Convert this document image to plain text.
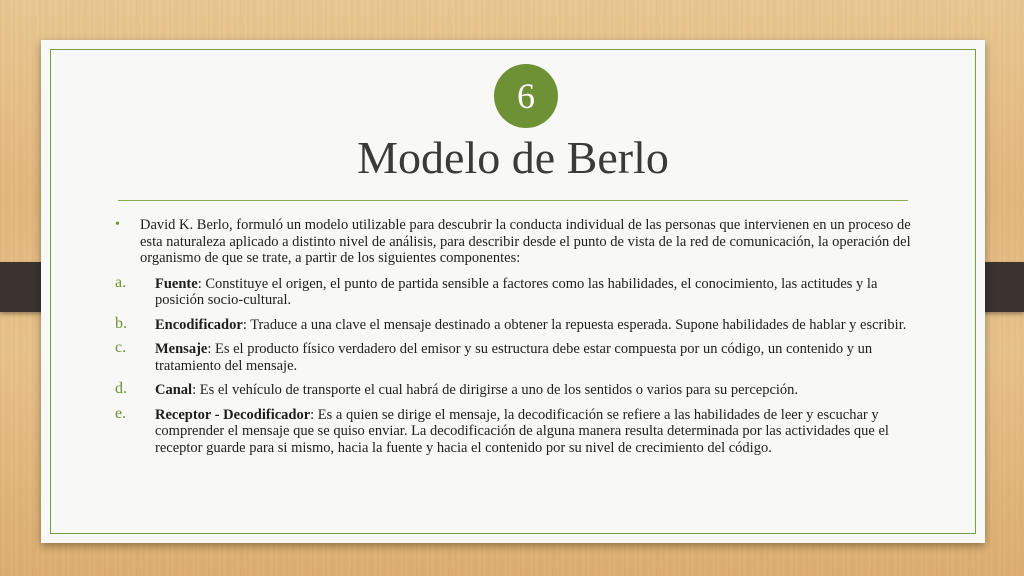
6
Modelo de Berlo
• David K. Berlo, formuló un modelo utilizable para descubrir la conducta individual de las personas que intervienen en un proceso de esta naturaleza aplicado a distinto nivel de análisis, para describir desde el punto de vista de la red de comunicación, la operación del organismo de que se trate, a partir de los siguientes componentes:
a. Fuente: Constituye el origen, el punto de partida sensible a factores como las habilidades, el conocimiento, las actitudes y la posición socio-cultural.
b. Encodificador: Traduce a una clave el mensaje destinado a obtener la repuesta esperada. Supone habilidades de hablar y escribir.
c. Mensaje: Es el producto físico verdadero del emisor y su estructura debe estar compuesta por un código, un contenido y un tratamiento del mensaje.
d. Canal: Es el vehículo de transporte el cual habrá de dirigirse a uno de los sentidos o varios para su percepción.
e. Receptor - Decodificador: Es a quien se dirige el mensaje, la decodificación se refiere a las habilidades de leer y escuchar y comprender el mensaje que se quiso enviar. La decodificación de alguna manera resulta determinada por las actividades que el receptor guarde para si mismo, hacia la fuente y hacia el contenido por su nivel de crecimiento del código.
